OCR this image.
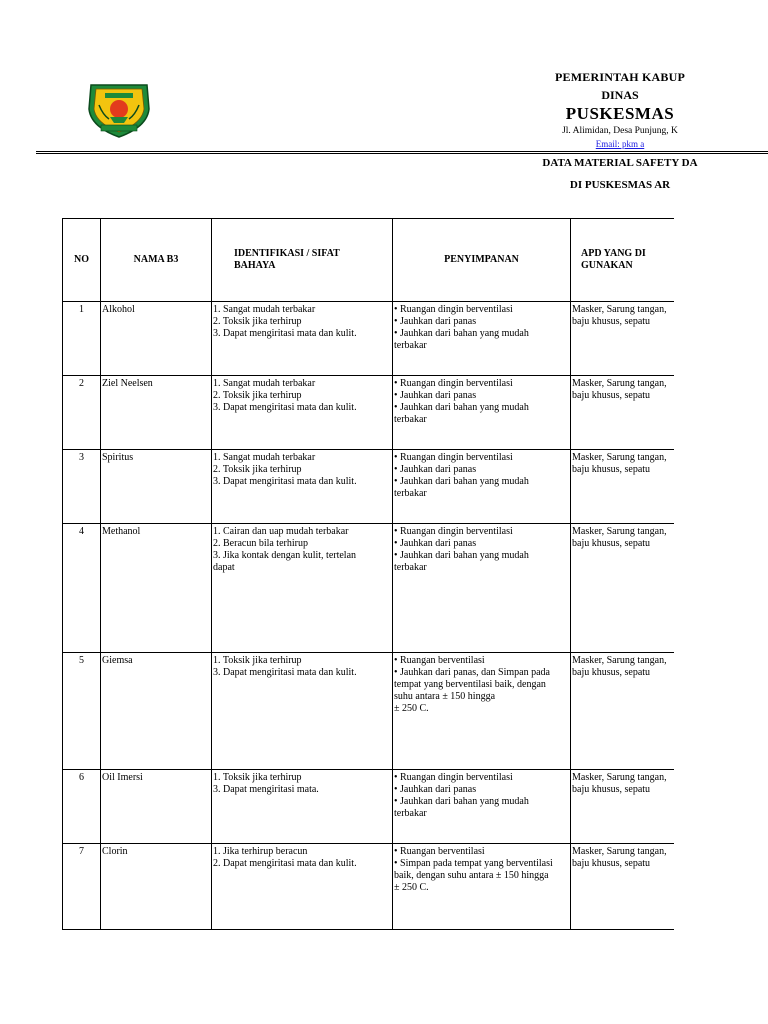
PEMERINTAH KABUP
DINAS
PUSKESMAS
Jl. Alimidan, Desa Punjung, K
Email: pkm a
DATA MATERIAL SAFETY DA
DI PUSKESMAS AR
NO	NAMA B3	IDENTIFIKASI / SIFAT
BAHAYA	PENYIMPANAN	APD YANG DI
GUNAKAN

1	Alkohol	1. Sangat mudah terbakar
2. Toksik jika terhirup
3. Dapat mengiritasi mata dan kulit.	• Ruangan dingin berventilasi
• Jauhkan dari panas
• Jauhkan dari bahan yang mudah
terbakar	Masker, Sarung tangan,
baju khusus, sepatu

2	Ziel Neelsen	1. Sangat mudah terbakar
2. Toksik jika terhirup
3. Dapat mengiritasi mata dan kulit.	• Ruangan dingin berventilasi
• Jauhkan dari panas
• Jauhkan dari bahan yang mudah
terbakar	Masker, Sarung tangan,
baju khusus, sepatu

3	Spiritus	1. Sangat mudah terbakar
2. Toksik jika terhirup
3. Dapat mengiritasi mata dan kulit.	• Ruangan dingin berventilasi
• Jauhkan dari panas
• Jauhkan dari bahan yang mudah
terbakar	Masker, Sarung tangan,
baju khusus, sepatu

4	Methanol	1. Cairan dan uap mudah terbakar
2. Beracun bila terhirup
3. Jika kontak dengan kulit, tertelan
dapat	• Ruangan dingin berventilasi
• Jauhkan dari panas
• Jauhkan dari bahan yang mudah
terbakar	Masker, Sarung tangan,
baju khusus, sepatu

5	Giemsa	1. Toksik jika terhirup
3. Dapat mengiritasi mata dan kulit.	• Ruangan berventilasi
• Jauhkan dari panas, dan Simpan pada
tempat yang berventilasi baik, dengan
suhu antara ± 150 hingga
± 250 C.	Masker, Sarung tangan,
baju khusus, sepatu

6	Oil Imersi	1. Toksik jika terhirup
3. Dapat mengiritasi mata.	• Ruangan dingin berventilasi
• Jauhkan dari panas
• Jauhkan dari bahan yang mudah
terbakar	Masker, Sarung tangan,
baju khusus, sepatu

7	Clorin	1. Jika terhirup beracun
2. Dapat mengiritasi mata dan kulit.	• Ruangan berventilasi
• Simpan pada tempat yang berventilasi
baik, dengan suhu antara ± 150 hingga
± 250 C.	Masker, Sarung tangan,
baju khusus, sepatu
